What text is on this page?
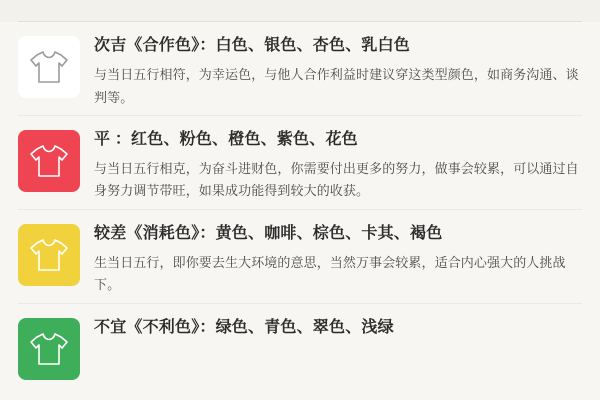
次吉《合作色》：白色、银色、杏色、乳白色
与当日五行相符，为幸运色，与他人合作利益时建议穿这类型颜色，如商务沟通、谈判等。
平 ：红色、粉色、橙色、紫色、花色
与当日五行相克，为奋斗进财色，你需要付出更多的努力，做事会较累，可以通过自身努力调节带旺，如果成功能得到较大的收获。
较差《消耗色》：黄色、咖啡、棕色、卡其、褐色
生当日五行，即你要去生大环境的意思，当然万事会较累，适合内心强大的人挑战下。
不宜《不利色》：绿色、青色、翠色、浅绿
